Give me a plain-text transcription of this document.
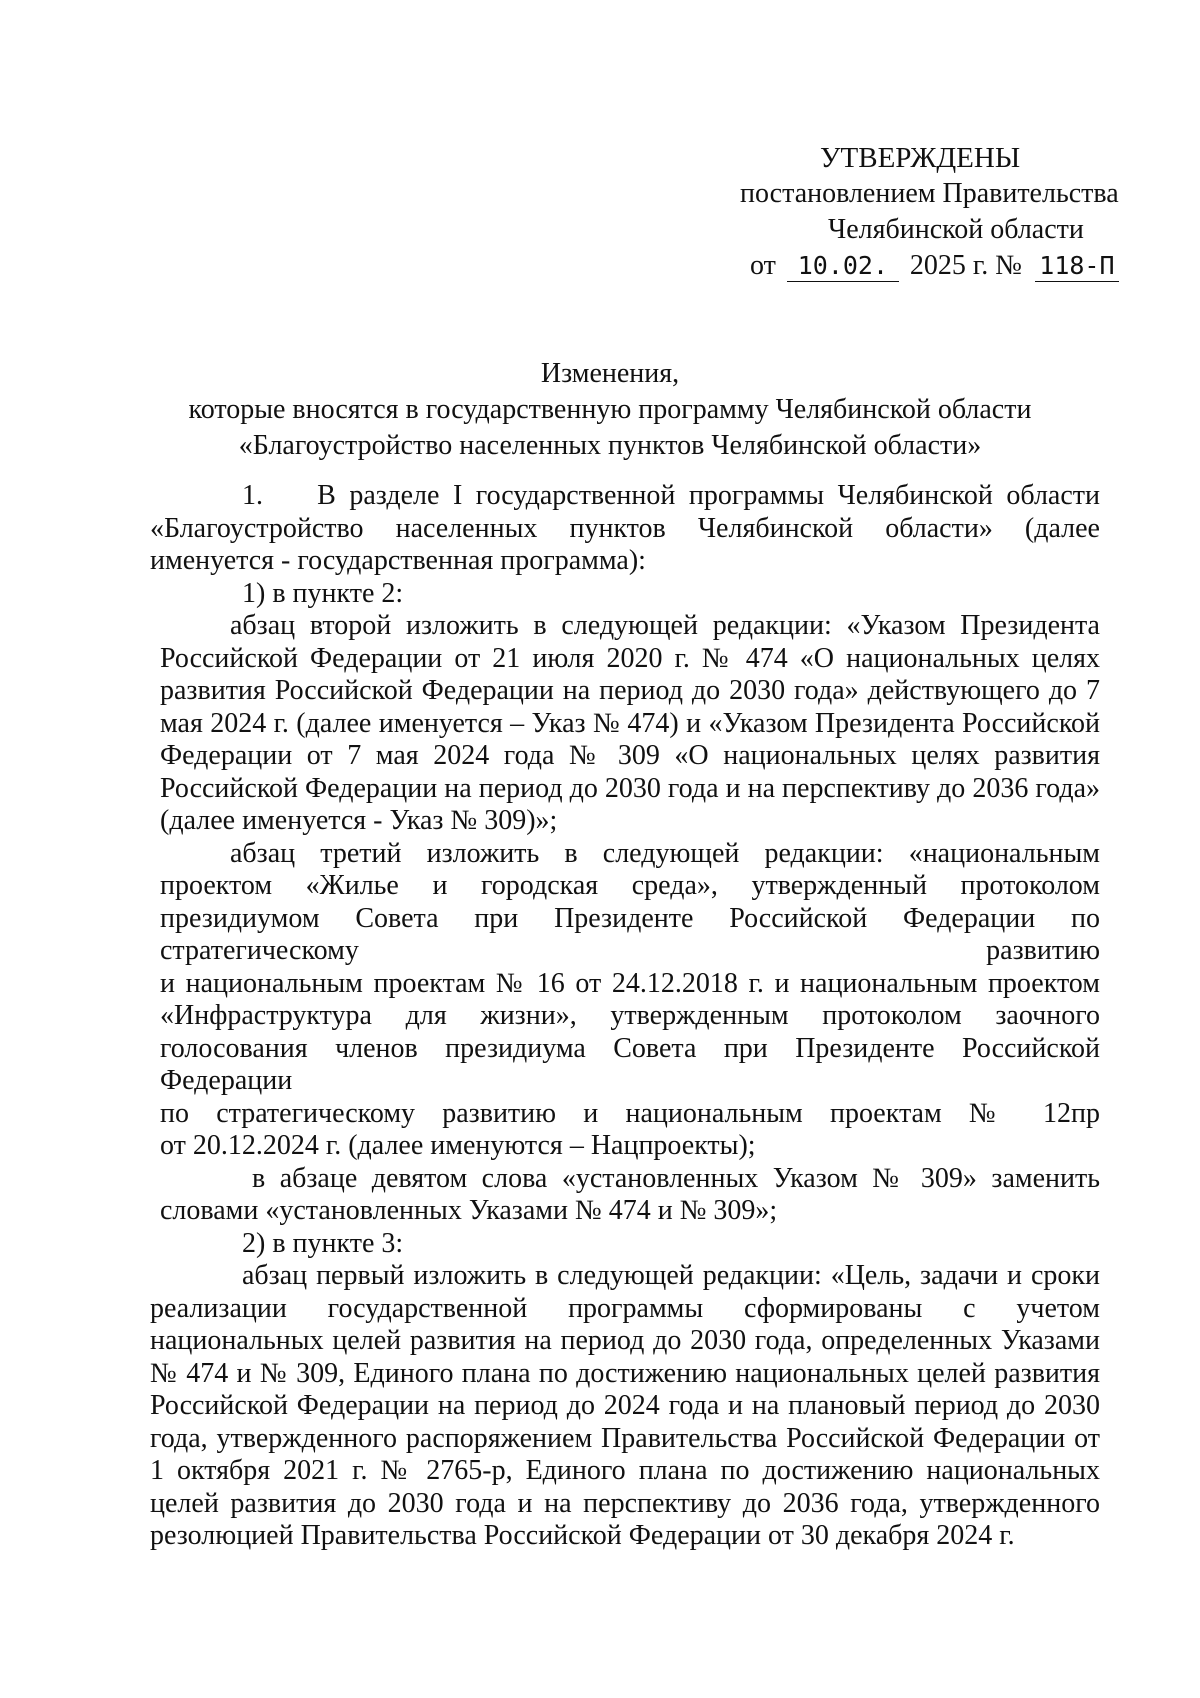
УТВЕРЖДЕНЫ
постановлением Правительства
Челябинской области
от 10.02. 2025 г. № 118-П
Изменения,
которые вносятся в государственную программу Челябинской области
«Благоустройство населенных пунктов Челябинской области»

1.    В разделе I государственной программы Челябинской области «Благоустройство населенных пунктов Челябинской области» (далее именуется - государственная программа):

1) в пункте 2:

абзац второй изложить в следующей редакции: «Указом Президента Российской Федерации от 21 июля 2020 г. № 474 «О национальных целях развития Российской Федерации на период до 2030 года» действующего до 7 мая 2024 г. (далее именуется – Указ № 474) и «Указом Президента Российской Федерации от 7 мая 2024 года № 309 «О национальных целях развития Российской Федерации на период до 2030 года и на перспективу до 2036 года» (далее именуется - Указ № 309)»;

абзац третий изложить в следующей редакции: «национальным проектом «Жилье и городская среда», утвержденный протоколом президиумом Совета при Президенте Российской Федерации по стратегическому развитию

и национальным проектам № 16 от 24.12.2018 г. и национальным проектом «Инфраструктура для жизни», утвержденным протоколом заочного голосования членов президиума Совета при Президенте Российской Федерации

по стратегическому развитию и национальным проектам № 12пр

от 20.12.2024 г. (далее именуются – Нацпроекты);

в абзаце девятом слова «установленных Указом № 309» заменить словами «установленных Указами № 474 и № 309»;

2) в пункте 3:

абзац первый изложить в следующей редакции: «Цель, задачи и сроки реализации государственной программы сформированы с учетом национальных целей развития на период до 2030 года, определенных Указами № 474 и № 309, Единого плана по достижению национальных целей развития Российской Федерации на период до 2024 года и на плановый период до 2030 года, утвержденного распоряжением Правительства Российской Федерации от 1 октября 2021 г. № 2765-р, Единого плана по достижению национальных целей развития до 2030 года и на перспективу до 2036 года, утвержденного резолюцией Правительства Российской Федерации от 30 декабря 2024 г.
